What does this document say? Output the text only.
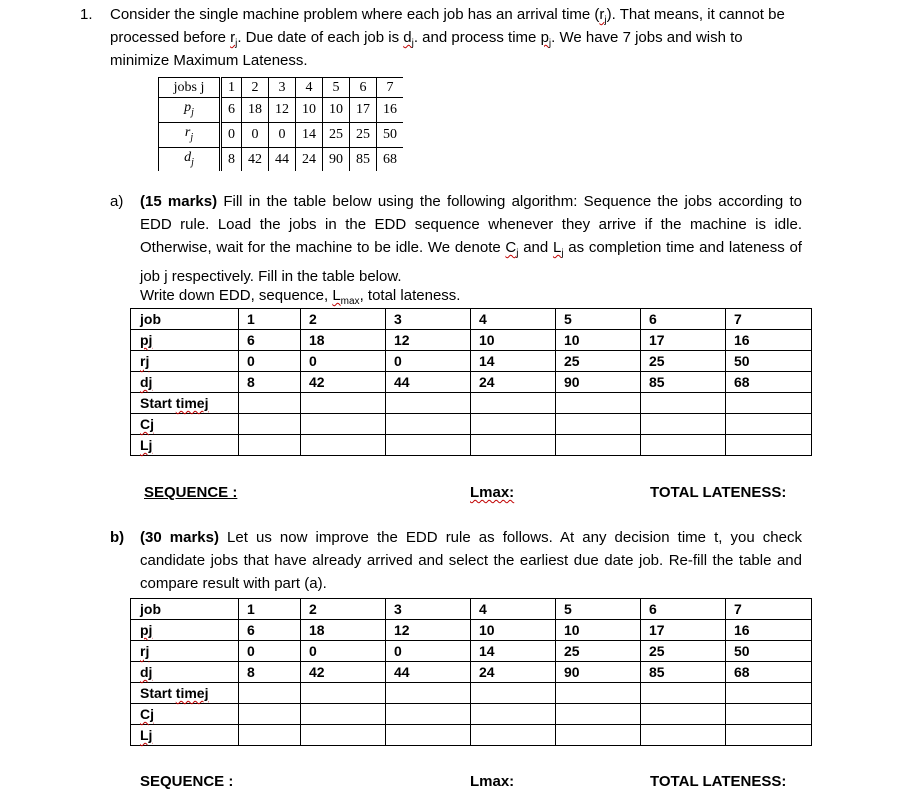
1. Consider the single machine problem where each job has an arrival time $(r_j)$. That means, it cannot be
processed before $r_j$. Due date of each job is $d_j$. and process time $p_j$. We have 7 jobs and wish to
minimize Maximum Lateness.
jobs j	1	2	3	4	5	6	7
$p_j$	6	18	12	10	10	17	16
$r_j$	0	0	0	14	25	25	50
$d_j$	8	42	44	24	90	85	68
a) (15 marks) Fill in the table below using the following algorithm: Sequence the jobs according to EDD rule. Load the jobs in the EDD sequence whenever they arrive if the machine is idle. Otherwise, wait for the machine to be idle. We denote $C_j$ and $L_j$ as completion time and lateness of job j respectively. Fill in the table below.
Write down EDD, sequence, $L_{max}$, total lateness.
job	1	2	3	4	5	6	7
pj	6	18	12	10	10	17	16
rj	0	0	0	14	25	25	50
dj	8	42	44	24	90	85	68
Start timej							
Cj							
Lj							
SEQUENCE :	Lmax:	TOTAL LATENESS:
b) (30 marks) Let us now improve the EDD rule as follows. At any decision time t, you check candidate jobs that have already arrived and select the earliest due date job. Re-fill the table and compare result with part (a).
job	1	2	3	4	5	6	7
pj	6	18	12	10	10	17	16
rj	0	0	0	14	25	25	50
dj	8	42	44	24	90	85	68
Start timej							
Cj							
Lj							
SEQUENCE :	Lmax:	TOTAL LATENESS:
